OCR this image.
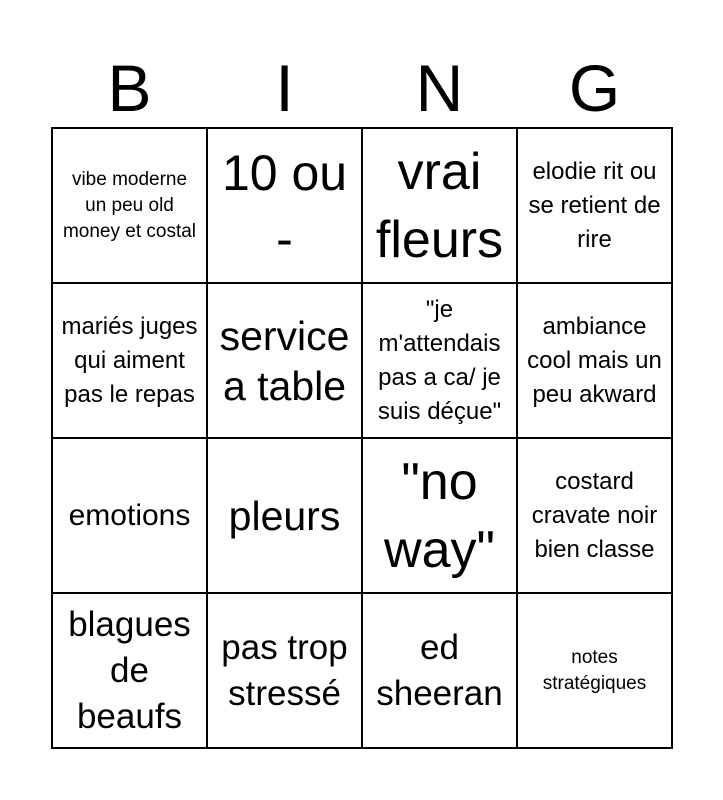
B	I	N	G
vibe moderne un peu old money et costal
10 ou -
vrai fleurs
elodie rit ou se retient de rire
mariés juges qui aiment pas le repas
service a table
"je m'attendais pas a ca/ je suis déçue"
ambiance cool mais un peu akward
emotions pleurs
"no way"
costard cravate noir bien classe
blagues de beaufs
pas trop stressé
ed sheeran
notes stratégiques
